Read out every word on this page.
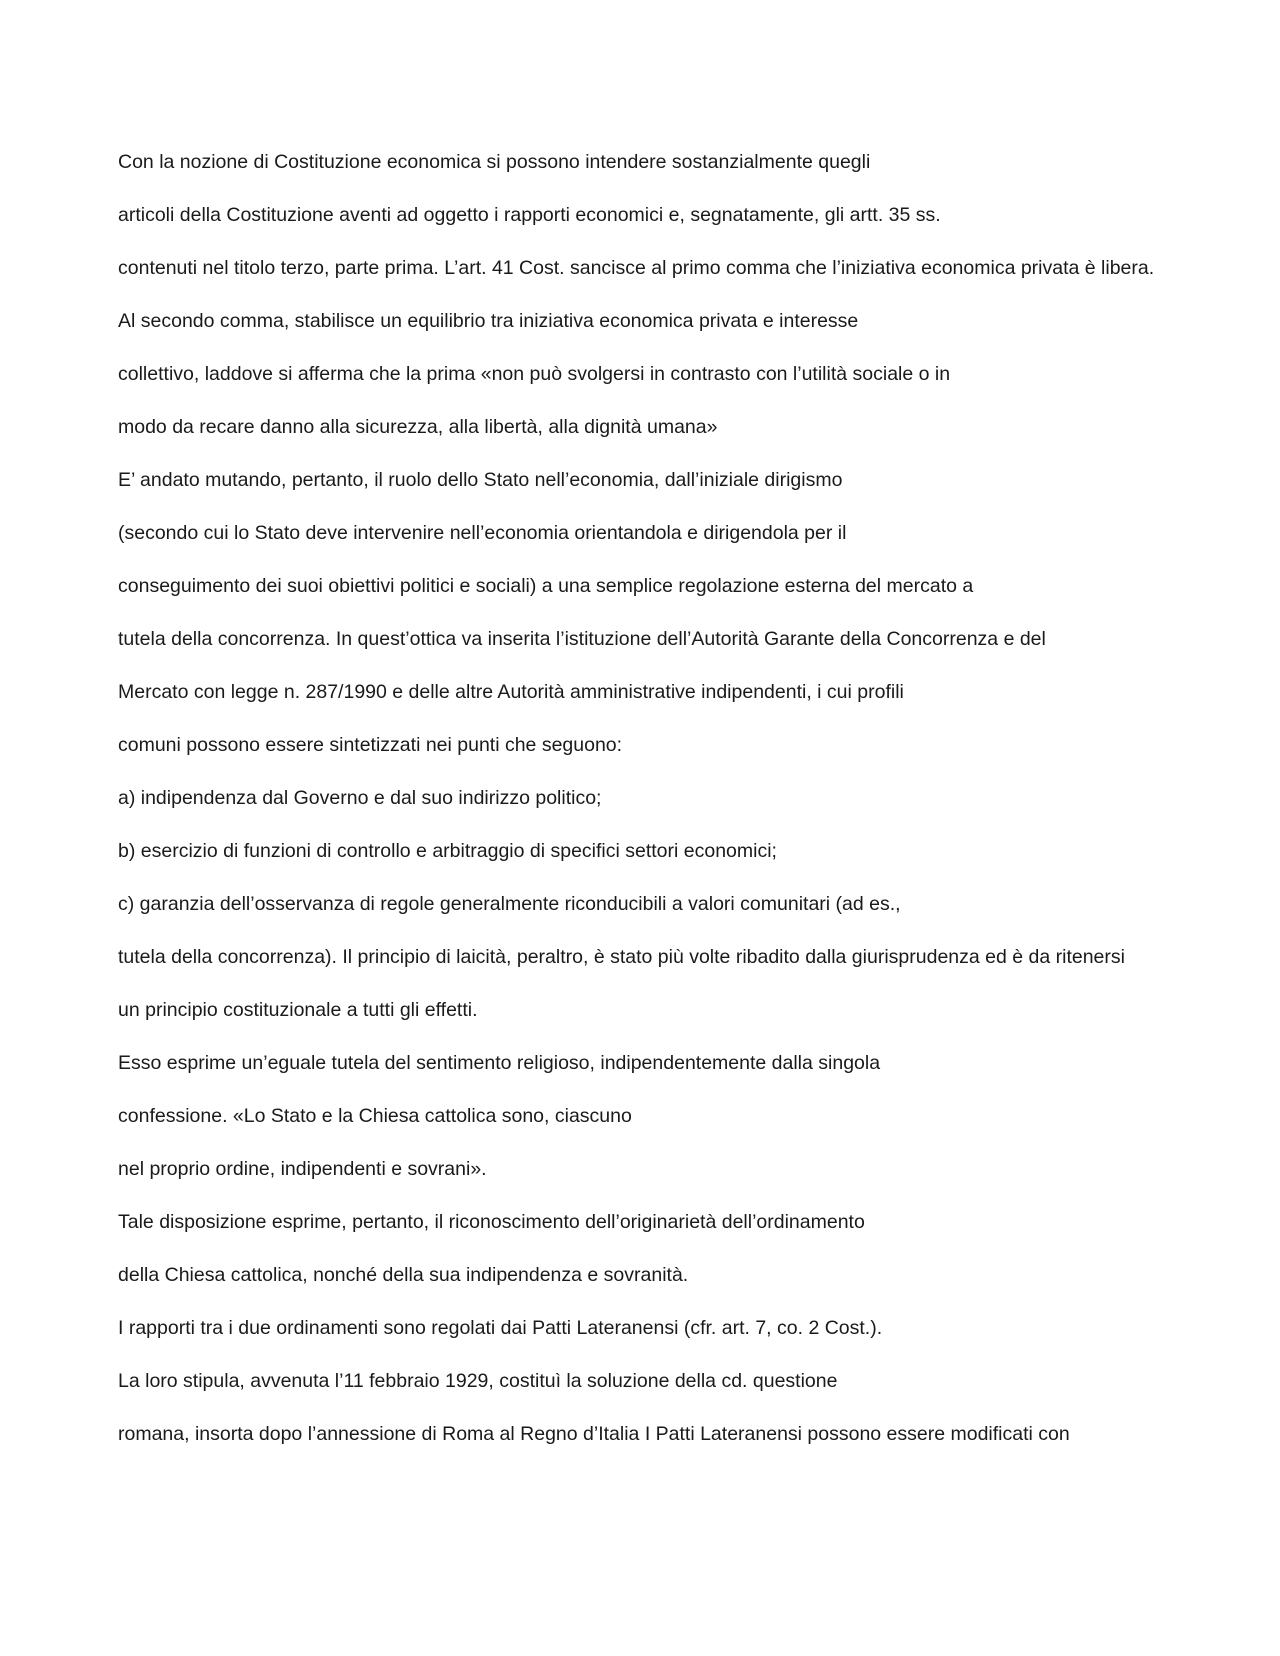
Con la nozione di Costituzione economica si possono intendere sostanzialmente quegli

articoli della Costituzione aventi ad oggetto i rapporti economici e, segnatamente, gli artt. 35 ss.

contenuti nel titolo terzo, parte prima. L’art. 41 Cost. sancisce al primo comma che l’iniziativa economica privata è libera.

Al secondo comma, stabilisce un equilibrio tra iniziativa economica privata e interesse

collettivo, laddove si afferma che la prima «non può svolgersi in contrasto con l’utilità sociale o in

modo da recare danno alla sicurezza, alla libertà, alla dignità umana»

E’ andato mutando, pertanto, il ruolo dello Stato nell’economia, dall’iniziale dirigismo

(secondo cui lo Stato deve intervenire nell’economia orientandola e dirigendola per il

conseguimento dei suoi obiettivi politici e sociali) a una semplice regolazione esterna del mercato a

tutela della concorrenza. In quest’ottica va inserita l’istituzione dell’Autorità Garante della Concorrenza e del

Mercato con legge n. 287/1990 e delle altre Autorità amministrative indipendenti, i cui profili

comuni possono essere sintetizzati nei punti che seguono:

a) indipendenza dal Governo e dal suo indirizzo politico;

b) esercizio di funzioni di controllo e arbitraggio di specifici settori economici;

c) garanzia dell’osservanza di regole generalmente riconducibili a valori comunitari (ad es.,

tutela della concorrenza). Il principio di laicità, peraltro, è stato più volte ribadito dalla giurisprudenza ed è da ritenersi

un principio costituzionale a tutti gli effetti.

Esso esprime un’eguale tutela del sentimento religioso, indipendentemente dalla singola

confessione. «Lo Stato e la Chiesa cattolica sono, ciascuno

nel proprio ordine, indipendenti e sovrani».

Tale disposizione esprime, pertanto, il riconoscimento dell’originarietà dell’ordinamento

della Chiesa cattolica, nonché della sua indipendenza e sovranità.

I rapporti tra i due ordinamenti sono regolati dai Patti Lateranensi (cfr. art. 7, co. 2 Cost.).

La loro stipula, avvenuta l’11 febbraio 1929, costituì la soluzione della cd. questione

romana, insorta dopo l’annessione di Roma al Regno d’Italia I Patti Lateranensi possono essere modificati con
